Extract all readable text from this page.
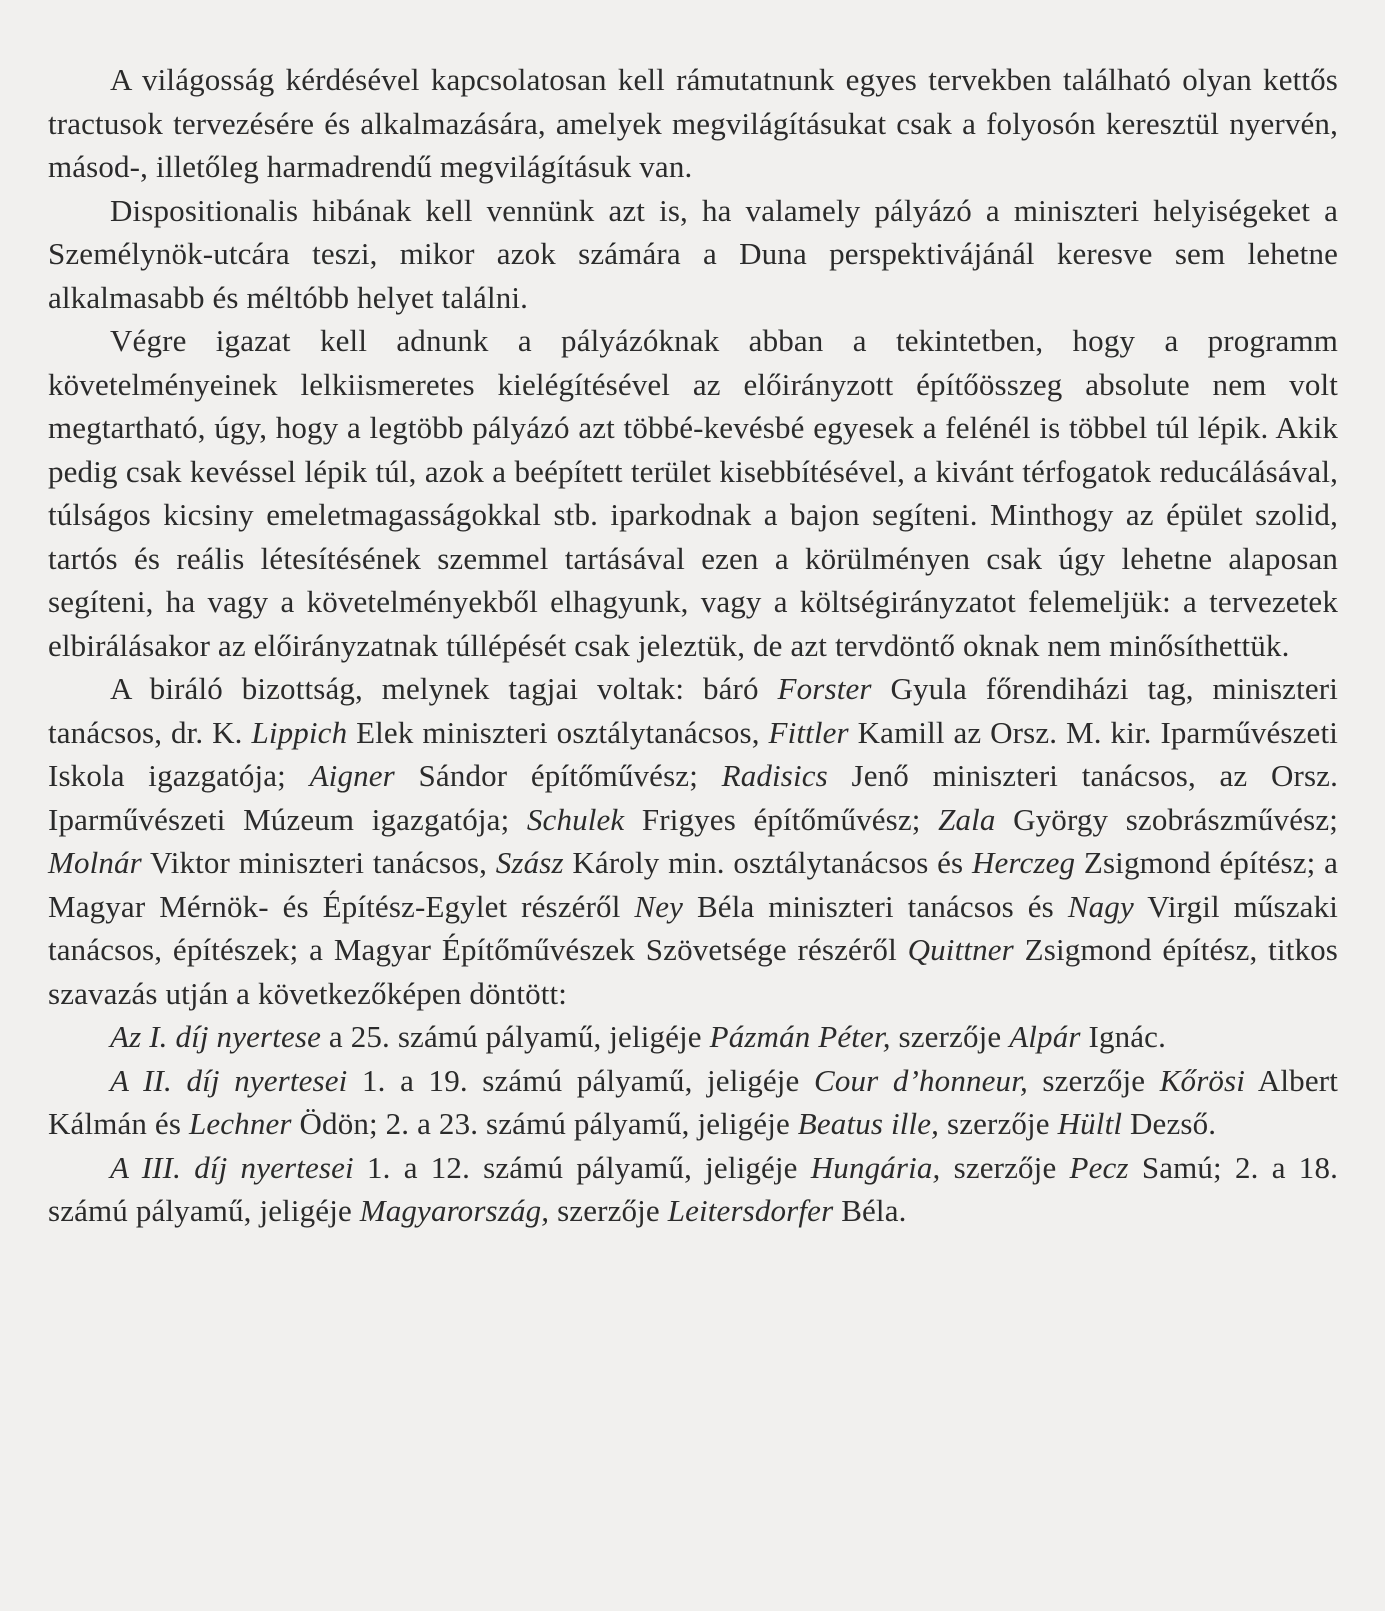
A világosság kérdésével kapcsolatosan kell rámutatnunk egyes tervekben található olyan kettős tractusok tervezésére és alkalmazására, amelyek megvilágításukat csak a folyosón keresztül nyervén, másod-, illetőleg harmadrendű megvilágításuk van.

Dispositionalis hibának kell vennünk azt is, ha valamely pályázó a miniszteri helyiségeket a Személynök-utcára teszi, mikor azok számára a Duna perspektivájánál keresve sem lehetne alkalmasabb és méltóbb helyet találni.

Végre igazat kell adnunk a pályázóknak abban a tekintetben, hogy a programm követelményeinek lelkiismeretes kielégítésével az előirányzott építőösszeg absolute nem volt megtartható, úgy, hogy a legtöbb pályázó azt többé-kevésbé egyesek a felénél is többel túl lépik. Akik pedig csak kevéssel lépik túl, azok a beépített terület kisebbítésével, a kivánt térfogatok reducálásával, túlságos kicsiny emeletmagasságokkal stb. iparkodnak a bajon segíteni. Minthogy az épület szolid, tartós és reális létesítésének szemmel tartásával ezen a körülményen csak úgy lehetne alaposan segíteni, ha vagy a követelményekből elhagyunk, vagy a költségirányzatot felemeljük: a tervezetek elbirálásakor az előirányzatnak túllépését csak jeleztük, de azt tervdöntő oknak nem minősíthettük.

A biráló bizottság, melynek tagjai voltak: báró Forster Gyula főrendiházi tag, miniszteri tanácsos, dr. K. Lippich Elek miniszteri osztálytanácsos, Fittler Kamill az Orsz. M. kir. Iparművészeti Iskola igazgatója; Aigner Sándor építőművész; Radisics Jenő miniszteri tanácsos, az Orsz. Iparművészeti Múzeum igazgatója; Schulek Frigyes építőművész; Zala György szobrászművész; Molnár Viktor miniszteri tanácsos, Szász Károly min. osztálytanácsos és Herczeg Zsigmond építész; a Magyar Mérnök- és Építész-Egylet részéről Ney Béla miniszteri tanácsos és Nagy Virgil műszaki tanácsos, építészek; a Magyar Építőművészek Szövetsége részéről Quittner Zsigmond építész, titkos szavazás utján a következőképen döntött:

Az I. díj nyertese a 25. számú pályamű, jeligéje Pázmán Péter, szerzője Alpár Ignác.

A II. díj nyertesei 1. a 19. számú pályamű, jeligéje Cour d’honneur, szerzője Kőrösi Albert Kálmán és Lechner Ödön; 2. a 23. számú pályamű, jeligéje Beatus ille, szerzője Hültl Dezső.

A III. díj nyertesei 1. a 12. számú pályamű, jeligéje Hungária, szerzője Pecz Samú; 2. a 18. számú pályamű, jeligéje Magyarország, szerzője Leitersdorfer Béla.
